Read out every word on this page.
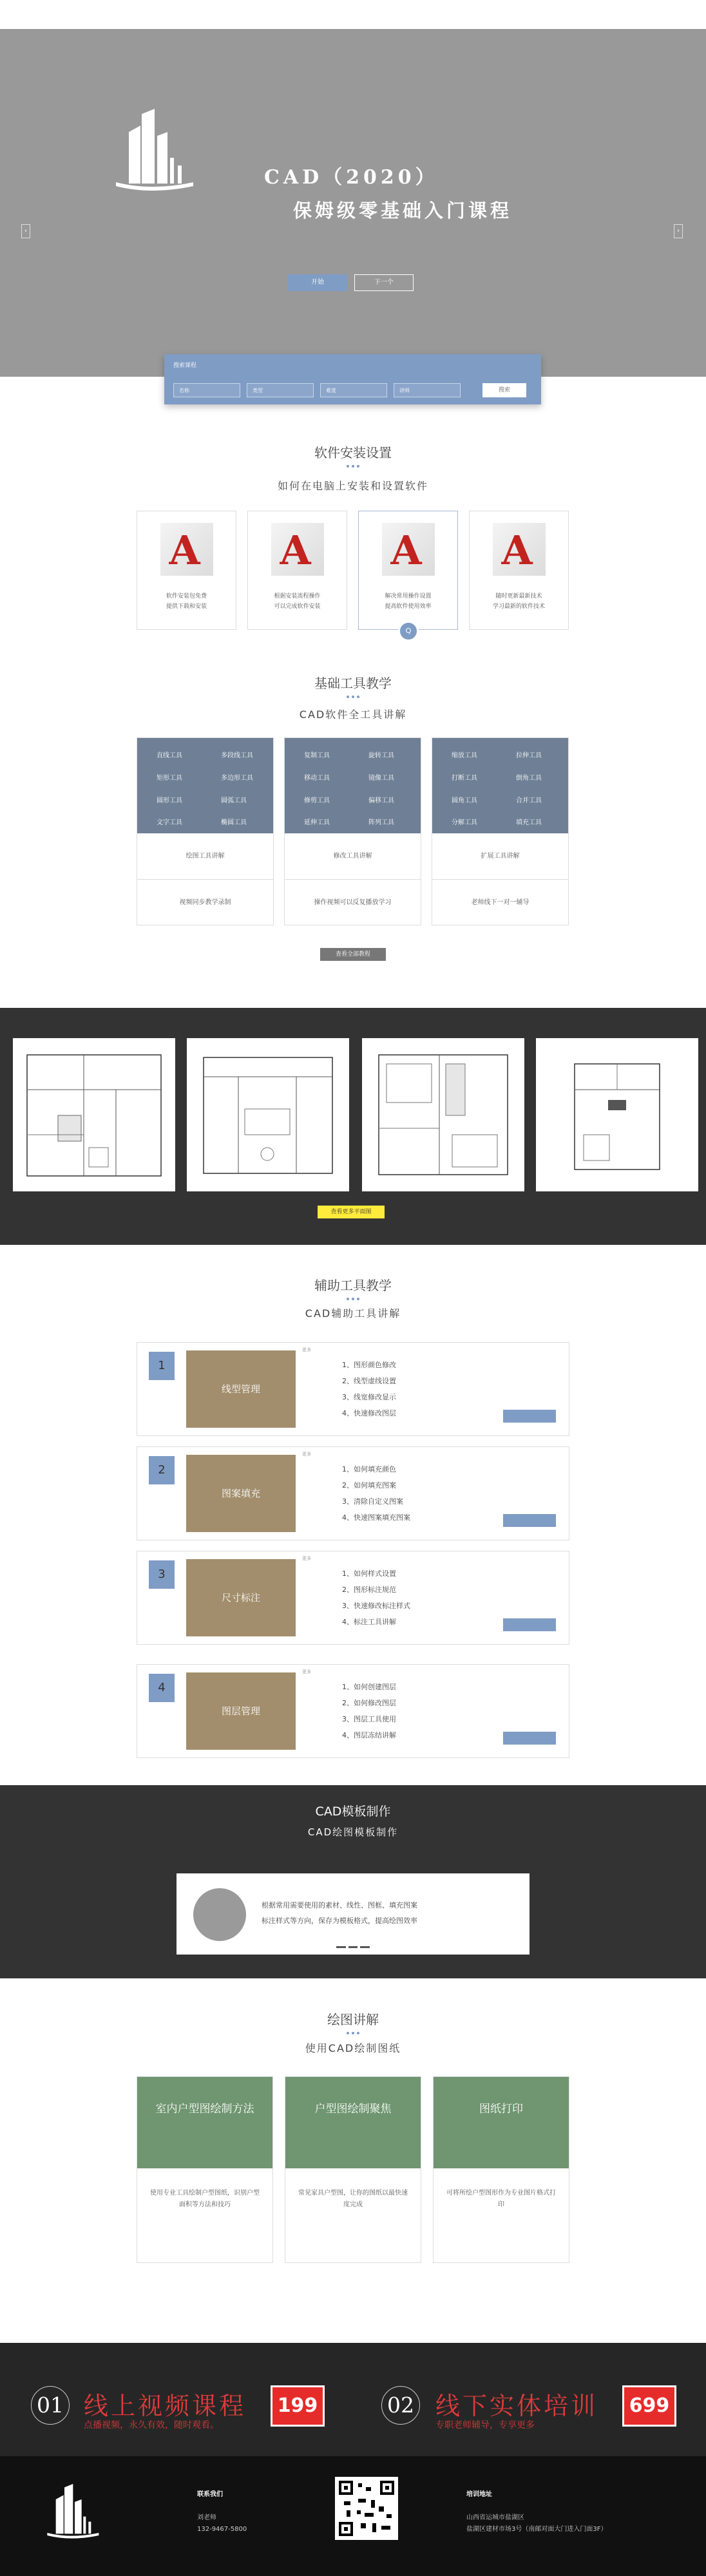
CAD（2020）
保姆级零基础入门课程
开始	下一个
‹	›
搜索课程
名称	类型	难度	讲师	搜索
软件安装设置
如何在电脑上安装和设置软件
A
软件安装包免费
提供下载和安装
A
根据安装流程操作
可以完成软件安装
A
解决常用操作设置
提高软件使用效率
A
随时更新最新技术
学习最新的软件技术
Q
基础工具教学
CAD软件全工具讲解
直线工具	多段线工具
矩形工具	多边形工具
圆形工具	圆弧工具
文字工具	椭圆工具
绘图工具讲解
视频同步教学录制
复制工具	旋转工具
移动工具	镜像工具
修剪工具	偏移工具
延伸工具	阵列工具
修改工具讲解
操作视频可以反复播放学习
缩放工具	拉伸工具
打断工具	倒角工具
圆角工具	合并工具
分解工具	填充工具
扩展工具讲解
老师线下一对一辅导
查看全部教程
查看更多平面图
辅助工具教学
CAD辅助工具讲解
1
线型管理
更多
1、图形颜色修改
2、线型虚线设置
3、线宽修改显示
4、快速修改图层
2
图案填充
更多
1、如何填充颜色
2、如何填充图案
3、清除自定义图案
4、快速图案填充图案
3
尺寸标注
更多
1、如何样式设置
2、图形标注规范
3、快速修改标注样式
4、标注工具讲解
4
图层管理
更多
1、如何创建图层
2、如何修改图层
3、图层工具使用
4、图层冻结讲解
CAD模板制作
CAD绘图模板制作
根据常用需要使用的素材、线性、图框、填充图案
标注样式等方向，保存为模板格式，提高绘图效率
绘图讲解
使用CAD绘制图纸
室内户型图绘制方法
使用专业工具绘制户型图纸，识别户型面积等方法和技巧
户型图绘制聚焦
常见家具户型图，让你的图纸以最快速度完成
图纸打印
可将所绘户型图形作为专业图片格式打印
01 线上视频课程
点播视频，永久有效，随时观看。
199	02 线下实体培训
专职老师辅导，专享更多
699
联系我们
刘老师
132-9467-5800
培训地址
山西省运城市盐湖区
盐湖区建材市场3号（南邮对面大门进入门面3F）
